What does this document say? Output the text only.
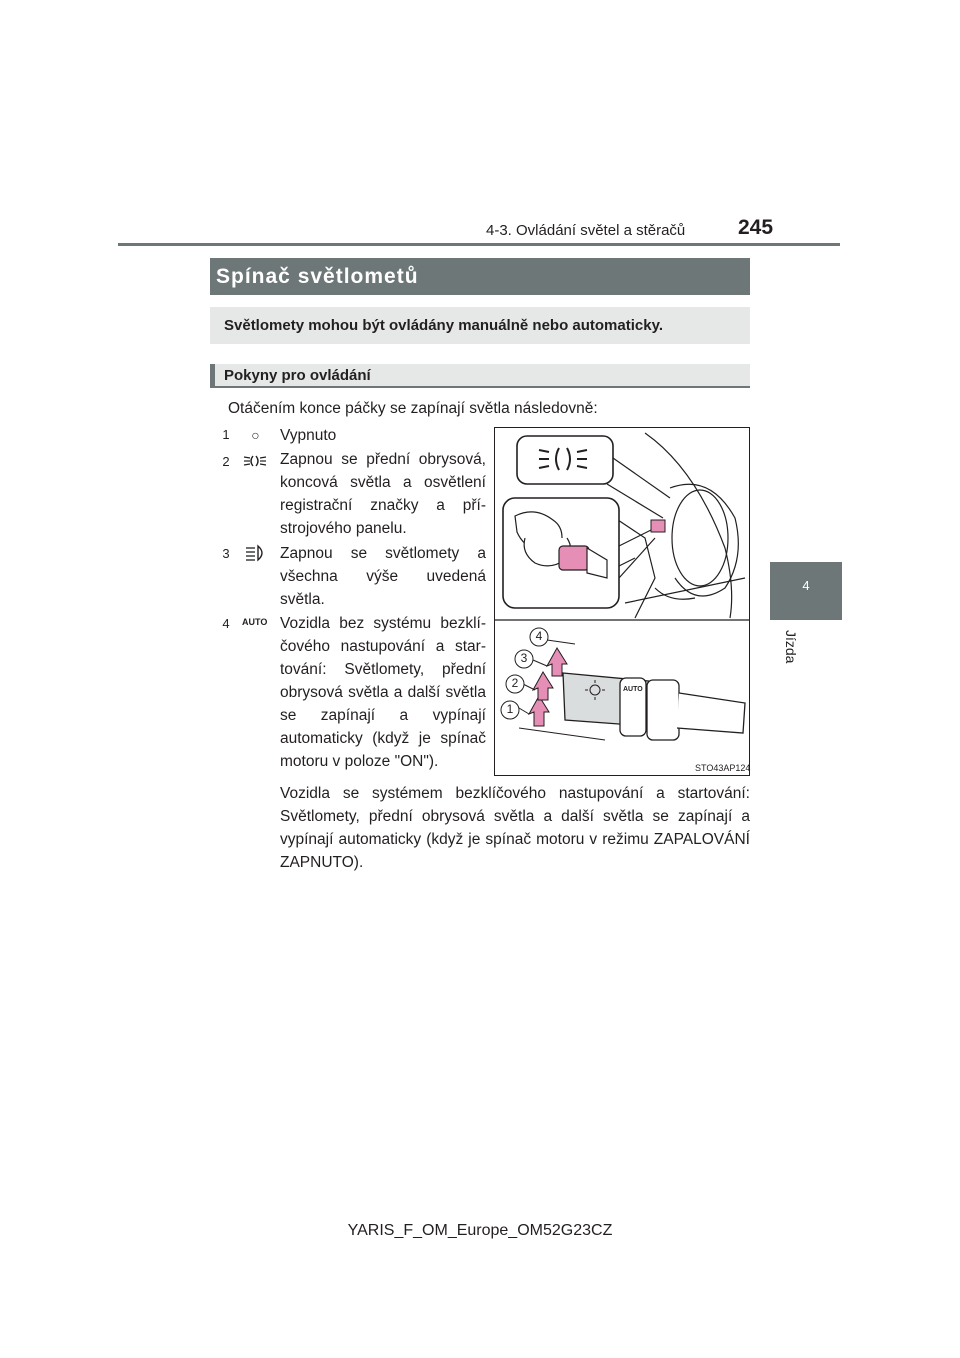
4-3. Ovládání světel a stěračů	245
4
Jízda
Spínač světlometů
Světlomety mohou být ovládány manuálně nebo automaticky.
Pokyny pro ovládání
Otáčením konce páčky se zapínají světla následovně:
1	○ Vypnuto
2	Zapnou se přední obrysová, koncová světla a osvětlení registrační značky a přístrojového panelu.
3	Zapnou se světlomety a všechna výše uvedená světla.
4	AUTO Vozidla bez systému bezklíčového nastupování a startování: Světlomety, přední obrysová světla a další světla se zapínají a vypínají automaticky (když je spínač motoru v poloze "ON").
Vozidla se systémem bezklíčového nastupování a startování: Světlomety, přední obrysová světla a další světla se zapínají a vypínají automaticky (když je spínač motoru v režimu ZAPALOVÁNÍ ZAPNUTO).
1
2
3
4
AUTO
STO43AP124
YARIS_F_OM_Europe_OM52G23CZ
